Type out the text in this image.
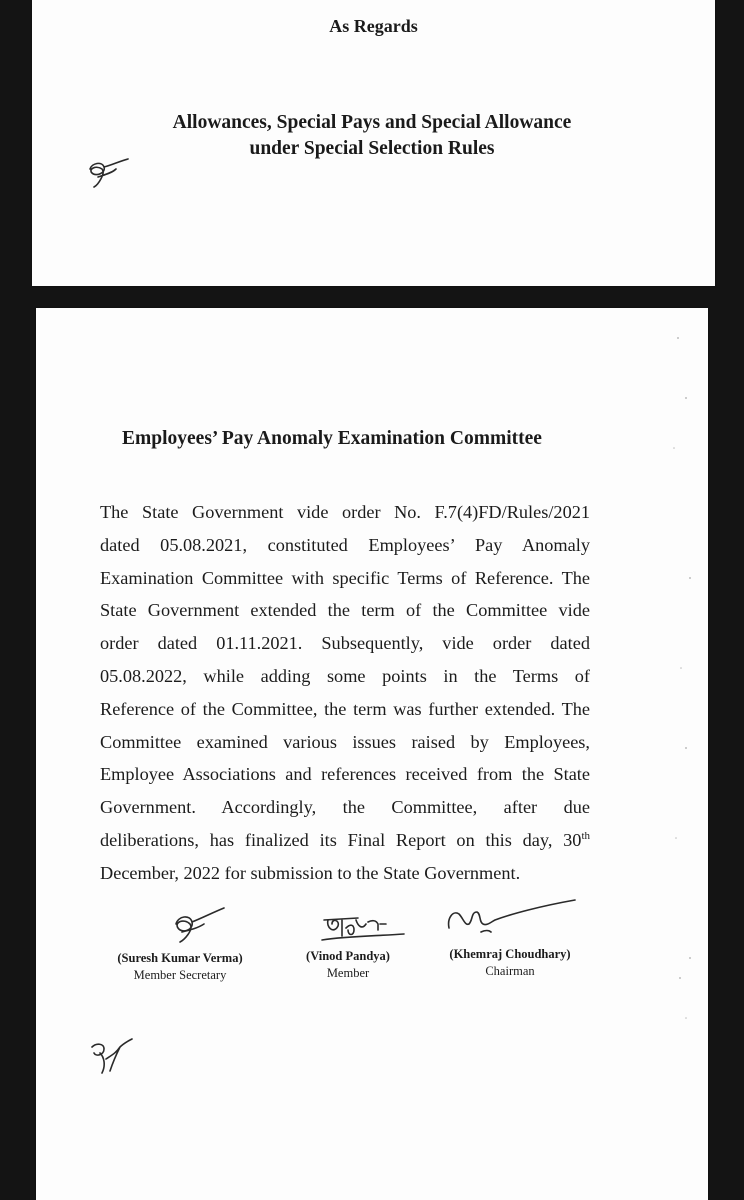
As Regards
Allowances, Special Pays and Special Allowance
under Special Selection Rules
Employees’ Pay Anomaly Examination Committee
The State Government vide order No. F.7(4)FD/Rules/2021
dated 05.08.2021, constituted Employees’ Pay Anomaly
Examination Committee with specific Terms of Reference. The
State Government extended the term of the Committee vide
order dated 01.11.2021. Subsequently, vide order dated
05.08.2022, while adding some points in the Terms of
Reference of the Committee, the term was further extended. The
Committee examined various issues raised by Employees,
Employee Associations and references received from the State
Government. Accordingly, the Committee, after due
deliberations, has finalized its Final Report on this day, 30th
December, 2022 for submission to the State Government.
(Suresh Kumar Verma)
Member Secretary
(Vinod Pandya)
Member
(Khemraj Choudhary)
Chairman
